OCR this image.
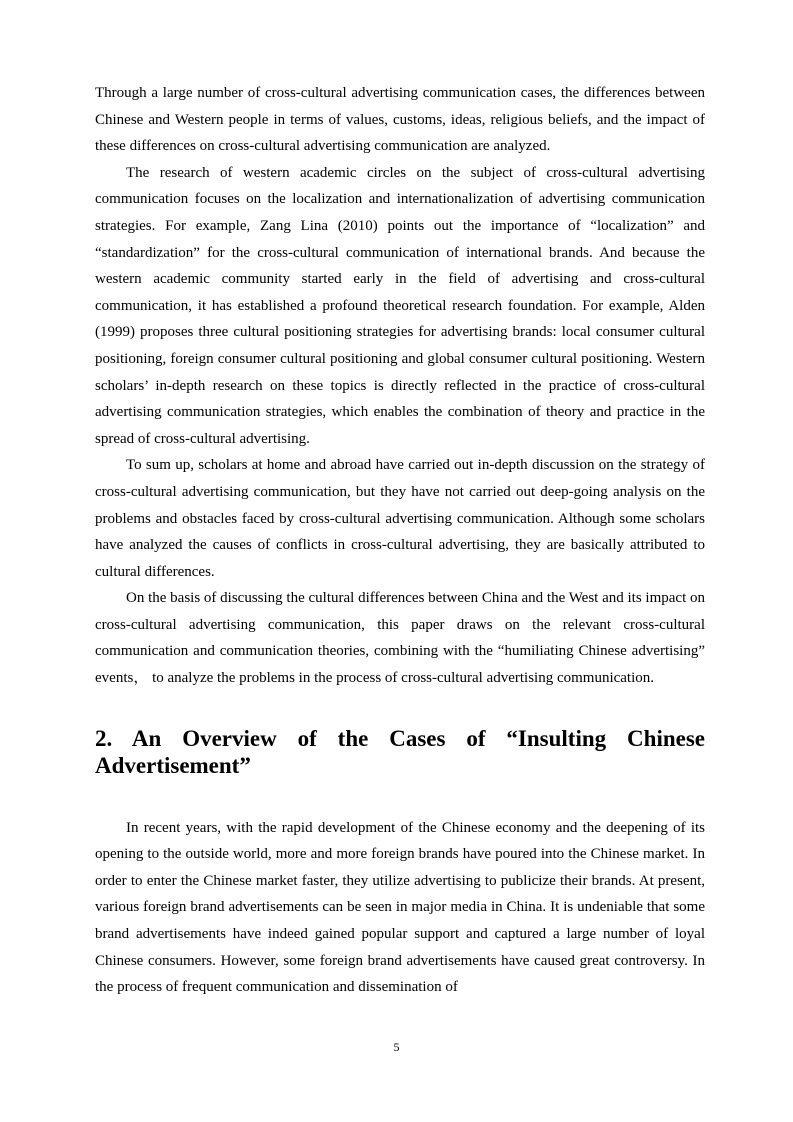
Through a large number of cross-cultural advertising communication cases, the differences between Chinese and Western people in terms of values, customs, ideas, religious beliefs, and the impact of these differences on cross-cultural advertising communication are analyzed.

The research of western academic circles on the subject of cross-cultural advertising communication focuses on the localization and internationalization of advertising communication strategies. For example, Zang Lina (2010) points out the importance of “localization” and “standardization” for the cross-cultural communication of international brands. And because the western academic community started early in the field of advertising and cross-cultural communication, it has established a profound theoretical research foundation. For example, Alden (1999) proposes three cultural positioning strategies for advertising brands: local consumer cultural positioning, foreign consumer cultural positioning and global consumer cultural positioning. Western scholars’ in-depth research on these topics is directly reflected in the practice of cross-cultural advertising communication strategies, which enables the combination of theory and practice in the spread of cross-cultural advertising.

To sum up, scholars at home and abroad have carried out in-depth discussion on the strategy of cross-cultural advertising communication, but they have not carried out deep-going analysis on the problems and obstacles faced by cross-cultural advertising communication. Although some scholars have analyzed the causes of conflicts in cross-cultural advertising, they are basically attributed to cultural differences.

On the basis of discussing the cultural differences between China and the West and its impact on cross-cultural advertising communication, this paper draws on the relevant cross-cultural communication and communication theories, combining with the “humiliating Chinese advertising” events， to analyze the problems in the process of cross-cultural advertising communication.

2. An Overview of the Cases of “Insulting Chinese Advertisement”

In recent years, with the rapid development of the Chinese economy and the deepening of its opening to the outside world, more and more foreign brands have poured into the Chinese market. In order to enter the Chinese market faster, they utilize advertising to publicize their brands. At present, various foreign brand advertisements can be seen in major media in China. It is undeniable that some brand advertisements have indeed gained popular support and captured a large number of loyal Chinese consumers. However, some foreign brand advertisements have caused great controversy. In the process of frequent communication and dissemination of

5
